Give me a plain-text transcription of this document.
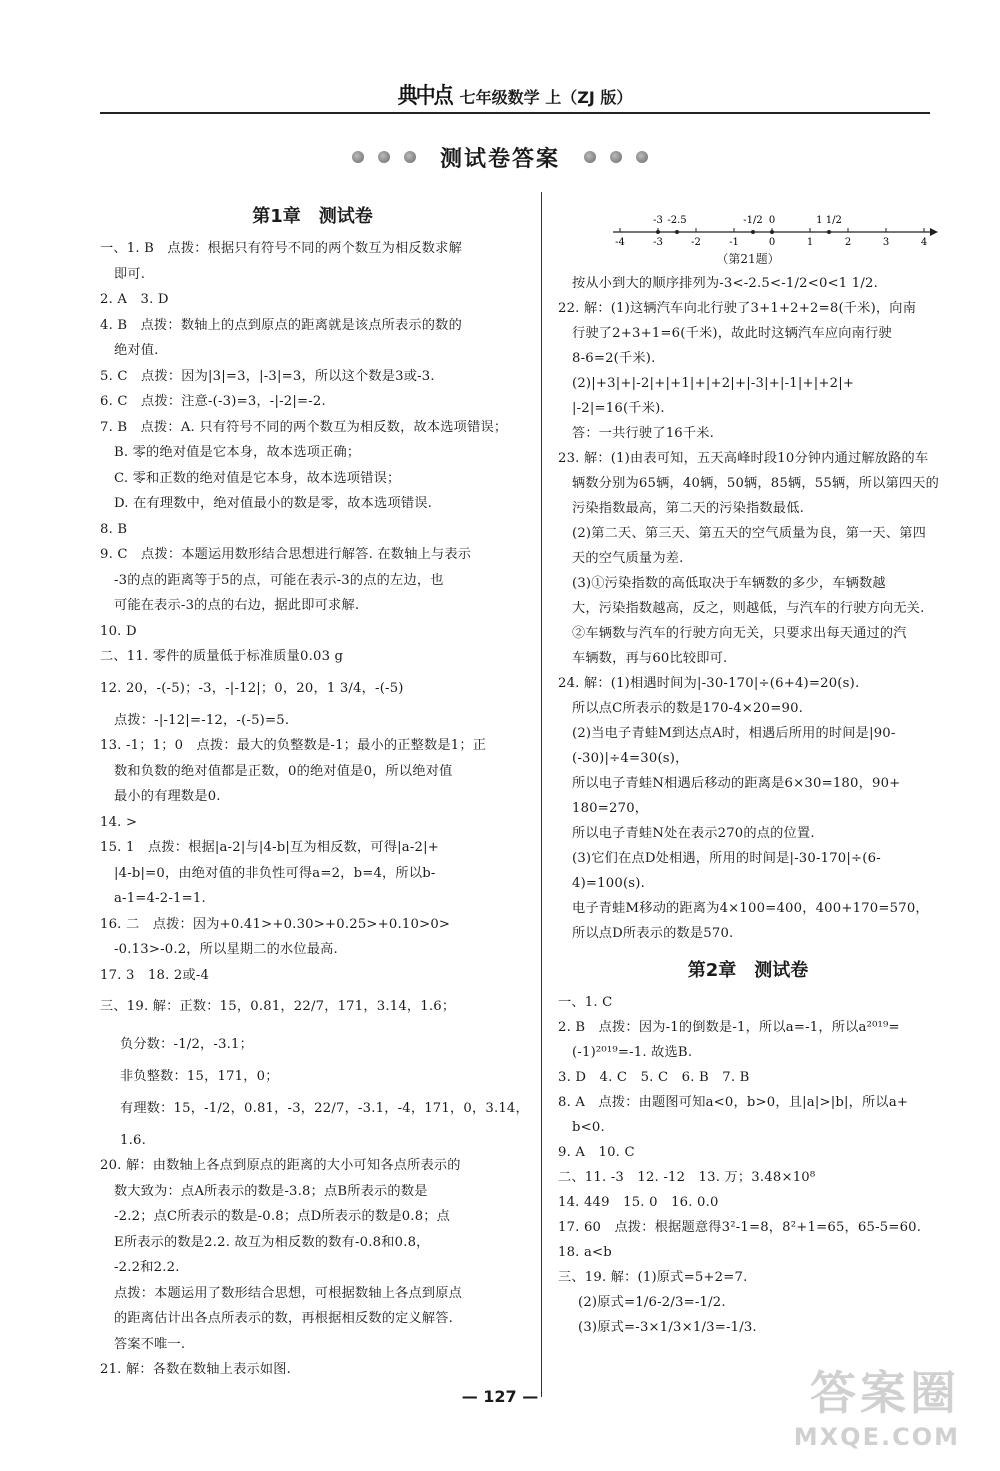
典中点 七年级数学 上（ZJ 版）
测试卷答案
第1章　测试卷
一、1. B　点拨：根据只有符号不同的两个数互为相反数求解
即可.
2. A　3. D
4. B　点拨：数轴上的点到原点的距离就是该点所表示的数的
绝对值.
5. C　点拨：因为|3|=3，|-3|=3，所以这个数是3或-3.
6. C　点拨：注意-(-3)=3，-|-2|=-2.
7. B　点拨：A. 只有符号不同的两个数互为相反数，故本选项错误；
B. 零的绝对值是它本身，故本选项正确；
C. 零和正数的绝对值是它本身，故本选项错误；
D. 在有理数中，绝对值最小的数是零，故本选项错误.
8. B
9. C　点拨：本题运用数形结合思想进行解答. 在数轴上与表示
-3的点的距离等于5的点，可能在表示-3的点的左边，也
可能在表示-3的点的右边，据此即可求解.
10. D
二、11. 零件的质量低于标准质量0.03 g
12. 20，-(-5)；-3，-|-12|；0，20，1 3/4，-(-5)
点拨：-|-12|=-12，-(-5)=5.
13. -1；1；0　点拨：最大的负整数是-1；最小的正整数是1；正
数和负数的绝对值都是正数，0的绝对值是0，所以绝对值
最小的有理数是0.
14. >
15. 1　点拨：根据|a-2|与|4-b|互为相反数，可得|a-2|+
|4-b|=0，由绝对值的非负性可得a=2，b=4，所以b-
a-1=4-2-1=1.
16. 二　点拨：因为+0.41>+0.30>+0.25>+0.10>0>
-0.13>-0.2，所以星期二的水位最高.
17. 3　18. 2或-4
三、19. 解：正数：15，0.81，22/7，171，3.14，1.6；
负分数：-1/2，-3.1；
非负整数：15，171，0；
有理数：15，-1/2，0.81，-3，22/7，-3.1，-4，171，0，3.14，
1.6.
20. 解：由数轴上各点到原点的距离的大小可知各点所表示的
数大致为：点A所表示的数是-3.8；点B所表示的数是
-2.2；点C所表示的数是-0.8；点D所表示的数是0.8；点
E所表示的数是2.2. 故互为相反数的数有-0.8和0.8，
-2.2和2.2.
点拨：本题运用了数形结合思想，可根据数轴上各点到原点
的距离估计出各点所表示的数，再根据相反数的定义解答.
答案不唯一.
21. 解：各数在数轴上表示如图.
-4	-3	-2	-1	0	1	2	3	4
-3 -2.5	-1/2 0	1 1/2
（第21题）
按从小到大的顺序排列为-3<-2.5<-1/2<0<1 1/2.
22. 解：(1)这辆汽车向北行驶了3+1+2+2=8(千米)，向南
行驶了2+3+1=6(千米)，故此时这辆汽车应向南行驶
8-6=2(千米).
(2)|+3|+|-2|+|+1|+|+2|+|-3|+|-1|+|+2|+
|-2|=16(千米).
答：一共行驶了16千米.
23. 解：(1)由表可知，五天高峰时段10分钟内通过解放路的车
辆数分别为65辆，40辆，50辆，85辆，55辆，所以第四天的
污染指数最高，第二天的污染指数最低.
(2)第二天、第三天、第五天的空气质量为良，第一天、第四
天的空气质量为差.
(3)①污染指数的高低取决于车辆数的多少，车辆数越
大，污染指数越高，反之，则越低，与汽车的行驶方向无关.
②车辆数与汽车的行驶方向无关，只要求出每天通过的汽
车辆数，再与60比较即可.
24. 解：(1)相遇时间为|-30-170|÷(6+4)=20(s).
所以点C所表示的数是170-4×20=90.
(2)当电子青蛙M到达点A时，相遇后所用的时间是|90-
(-30)|÷4=30(s)，
所以电子青蛙N相遇后移动的距离是6×30=180，90+
180=270，
所以电子青蛙N处在表示270的点的位置.
(3)它们在点D处相遇，所用的时间是|-30-170|÷(6-
4)=100(s).
电子青蛙M移动的距离为4×100=400，400+170=570，
所以点D所表示的数是570.
第2章　测试卷
一、1. C
2. B　点拨：因为-1的倒数是-1，所以a=-1，所以a²⁰¹⁹=
(-1)²⁰¹⁹=-1. 故选B.
3. D　4. C　5. C　6. B　7. B
8. A　点拨：由题图可知a<0，b>0，且|a|>|b|，所以a+
b<0.
9. A　10. C
二、11. -3　12. -12　13. 万；3.48×10⁸
14. 449　15. 0　16. 0.0
17. 60　点拨：根据题意得3²-1=8，8²+1=65，65-5=60.
18. a<b
三、19. 解：(1)原式=5+2=7.
(2)原式=1/6-2/3=-1/2.
(3)原式=-3×1/3×1/3=-1/3.
— 127 —	答案圈
MXQE.COM
